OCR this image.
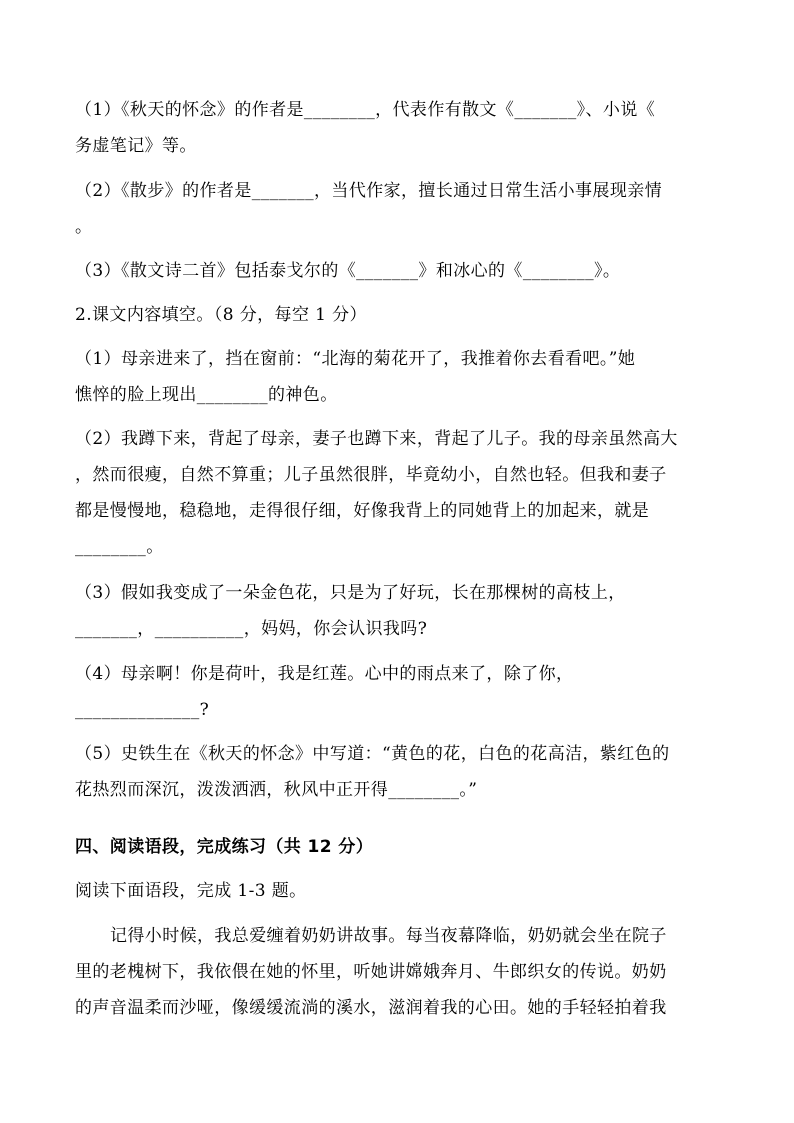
（1）《秋天的怀念》的作者是________，代表作有散文《_______》、小说《
务虚笔记》等。
（2）《散步》的作者是_______，当代作家，擅长通过日常生活小事展现亲情
。
（3）《散文诗二首》包括泰戈尔的《_______》和冰心的《________》。
2.课文内容填空。（8 分，每空 1 分）
（1）母亲进来了，挡在窗前：“北海的菊花开了，我推着你去看看吧。”她
憔悴的脸上现出________的神色。
（2）我蹲下来，背起了母亲，妻子也蹲下来，背起了儿子。我的母亲虽然高大
，然而很瘦，自然不算重；儿子虽然很胖，毕竟幼小，自然也轻。但我和妻子
都是慢慢地，稳稳地，走得很仔细，好像我背上的同她背上的加起来，就是
________。
（3）假如我变成了一朵金色花，只是为了好玩，长在那棵树的高枝上，
_______，__________，妈妈，你会认识我吗?
（4）母亲啊！你是荷叶，我是红莲。心中的雨点来了，除了你，
______________?
（5）史铁生在《秋天的怀念》中写道：“黄色的花，白色的花高洁，紫红色的
花热烈而深沉，泼泼洒洒，秋风中正开得________。”
四、阅读语段，完成练习（共 12 分）
阅读下面语段，完成 1-3 题。
记得小时候，我总爱缠着奶奶讲故事。每当夜幕降临，奶奶就会坐在院子
里的老槐树下，我依偎在她的怀里，听她讲嫦娥奔月、牛郎织女的传说。奶奶
的声音温柔而沙哑，像缓缓流淌的溪水，滋润着我的心田。她的手轻轻拍着我
